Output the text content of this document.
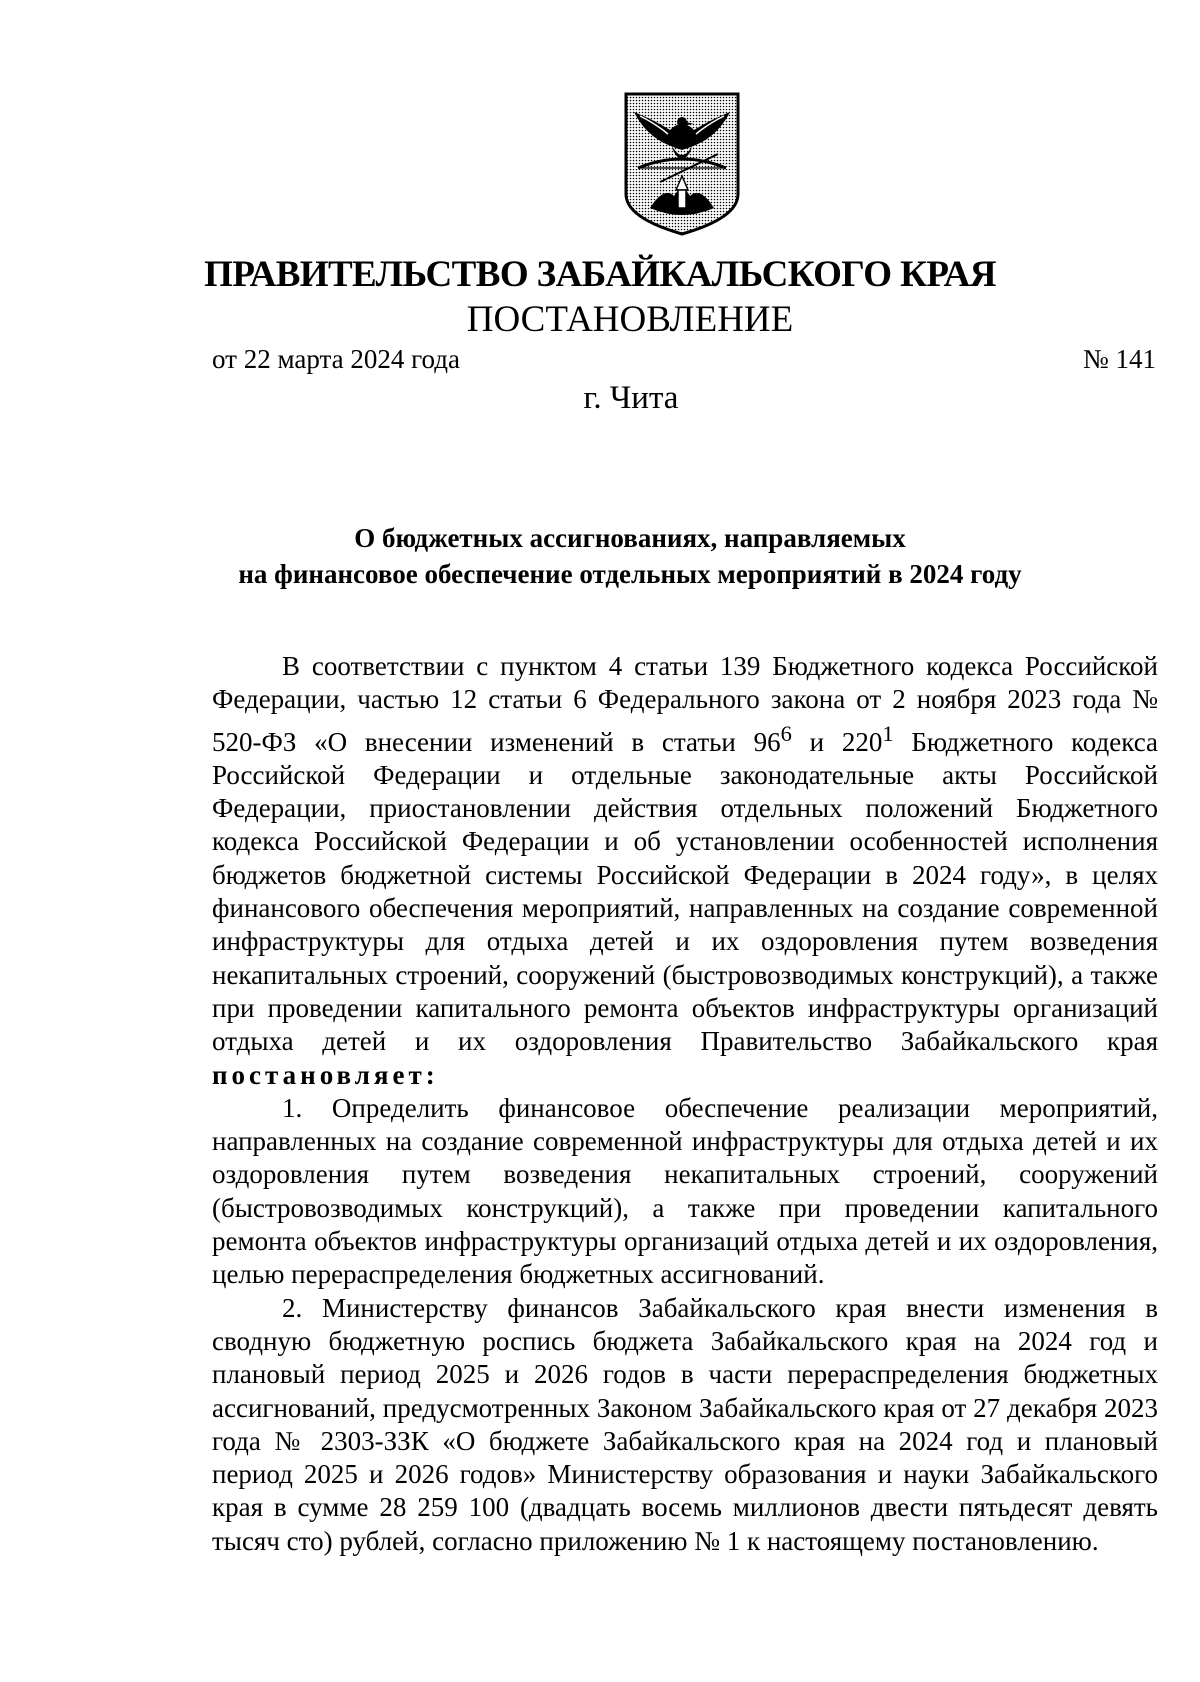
ПРАВИТЕЛЬСТВО ЗАБАЙКАЛЬСКОГО КРАЯ
ПОСТАНОВЛЕНИЕ
от 22 марта 2024 года	№ 141
г. Чита
О бюджетных ассигнованиях, направляемых
на финансовое обеспечение отдельных мероприятий в 2024 году

В соответствии с пунктом 4 статьи 139 Бюджетного кодекса Российской Федерации, частью 12 статьи 6 Федерального закона от 2 ноября 2023 года № 520-ФЗ «О внесении изменений в статьи $96^6$ и $220^1$ Бюджетного кодекса Российской Федерации и отдельные законодательные акты Российской Федерации, приостановлении действия отдельных положений Бюджетного кодекса Российской Федерации и об установлении особенностей исполнения бюджетов бюджетной системы Российской Федерации в 2024 году», в целях финансового обеспечения мероприятий, направленных на создание современной инфраструктуры для отдыха детей и их оздоровления путем возведения некапитальных строений, сооружений (быстровозводимых конструкций), а также при проведении капитального ремонта объектов инфраструктуры организаций отдыха детей и их оздоровления Правительство Забайкальского края постановляет:

1. Определить финансовое обеспечение реализации мероприятий, направленных на создание современной инфраструктуры для отдыха детей и их оздоровления путем возведения некапитальных строений, сооружений (быстровозводимых конструкций), а также при проведении капитального ремонта объектов инфраструктуры организаций отдыха детей и их оздоровления, целью перераспределения бюджетных ассигнований.

2. Министерству финансов Забайкальского края внести изменения в сводную бюджетную роспись бюджета Забайкальского края на 2024 год и плановый период 2025 и 2026 годов в части перераспределения бюджетных ассигнований, предусмотренных Законом Забайкальского края от 27 декабря 2023 года № 2303-ЗЗК «О бюджете Забайкальского края на 2024 год и плановый период 2025 и 2026 годов» Министерству образования и науки Забайкальского края в сумме 28 259 100 (двадцать восемь миллионов двести пятьдесят девять тысяч сто) рублей, согласно приложению № 1 к настоящему постановлению.
